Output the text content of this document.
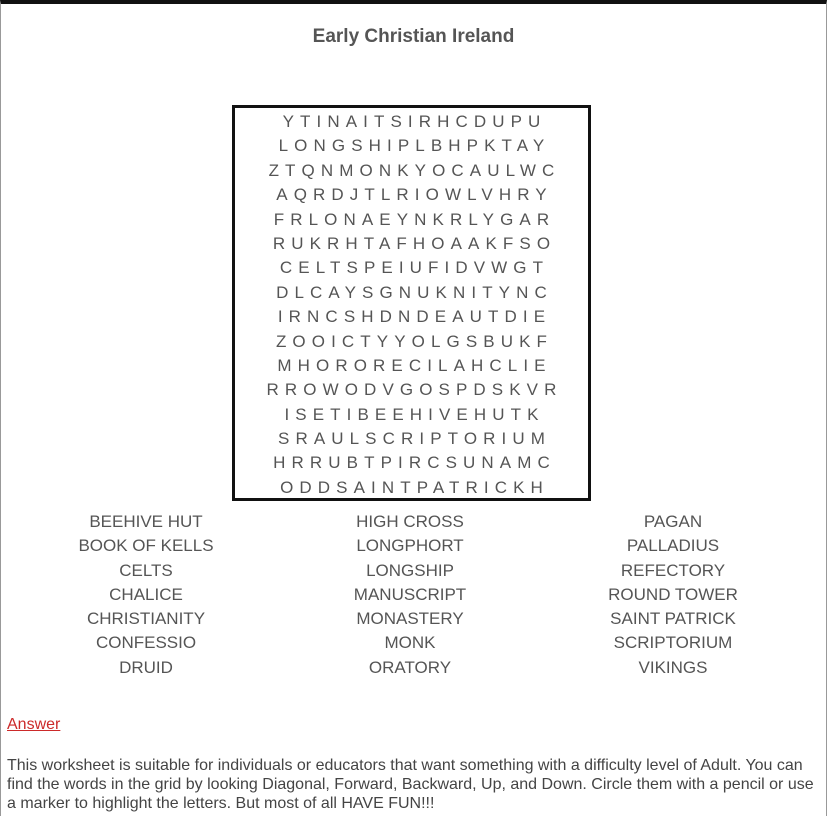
Early Christian Ireland
YTINAITSIRHCDUPU
LONGSHIPLBHPKTAY
ZTQNMONKYOCAULWC
AQRDJTLRIOWLVHRY
FRLONAEYNKRLYGAR
RUKRHTAFHOAAKFSO
CELTSPEIUFIDVWGT
DLCAYSGNUKNITYNC
IRNCSHDNDEAUTDIE
ZOOICTYYOLGSBUKF
MHORORECILAHCLIE
RROWODVGOSPDSKVR
ISETIBEEHIVEHUTK
SRAULSCRIPTORIUM
HRRUBTPIRCSUNAMC
ODDSAINTPATRICKH
BEEHIVE HUT
BOOK OF KELLS
CELTS
CHALICE
CHRISTIANITY
CONFESSIO
DRUID
HIGH CROSS
LONGPHORT
LONGSHIP
MANUSCRIPT
MONASTERY
MONK
ORATORY
PAGAN
PALLADIUS
REFECTORY
ROUND TOWER
SAINT PATRICK
SCRIPTORIUM
VIKINGS
Answer
This worksheet is suitable for individuals or educators that want something with a difficulty level of Adult. You can find the words in the grid by looking Diagonal, Forward, Backward, Up, and Down. Circle them with a pencil or use a marker to highlight the letters. But most of all HAVE FUN!!!
